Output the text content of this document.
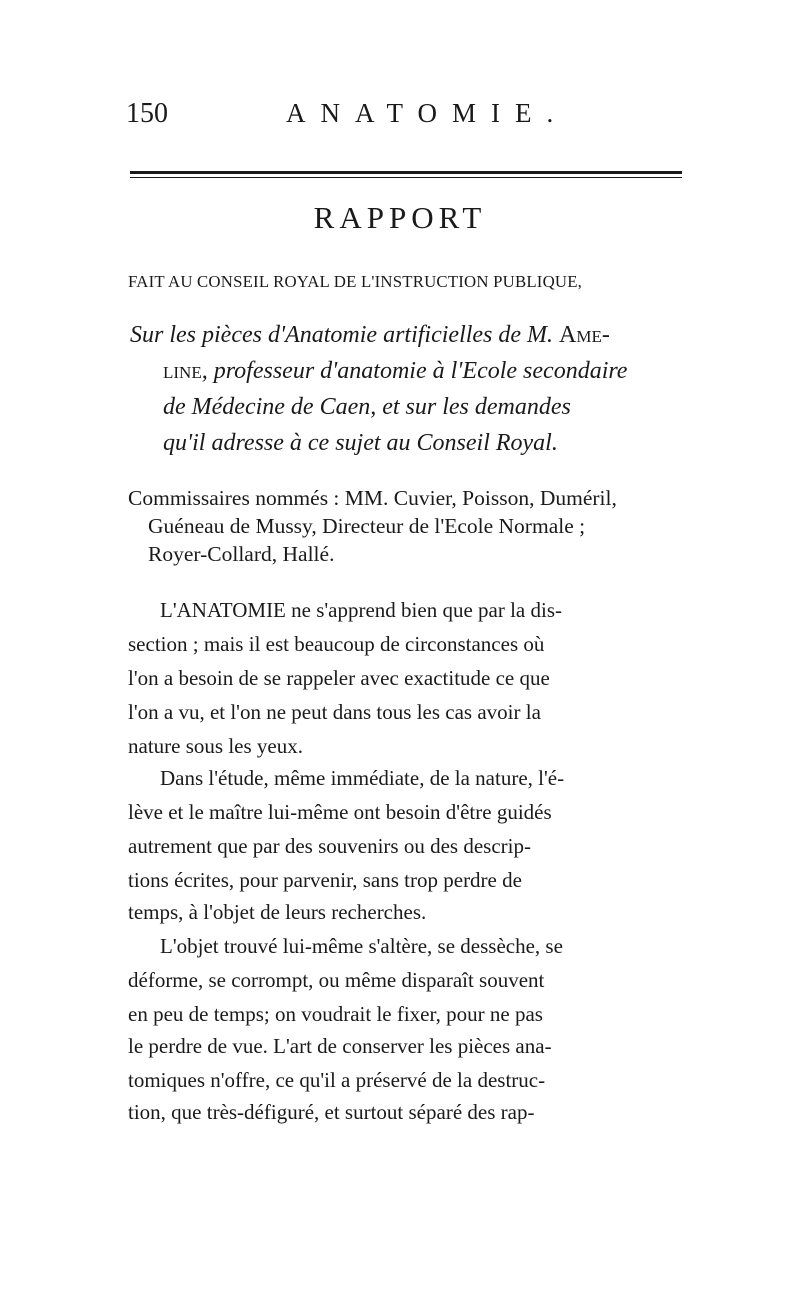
150	ANATOMIE.
RAPPORT
FAIT AU CONSEIL ROYAL DE L'INSTRUCTION PUBLIQUE,
Sur les pièces d'Anatomie artificielles de M. Ame-
line, professeur d'anatomie à l'Ecole secondaire
de Médecine de Caen, et sur les demandes
qu'il adresse à ce sujet au Conseil Royal.
Commissaires nommés : MM. Cuvier, Poisson, Duméril,
Guéneau de Mussy, Directeur de l'Ecole Normale ;
Royer-Collard, Hallé.
L'ANATOMIE ne s'apprend bien que par la dis-
section ; mais il est beaucoup de circonstances où
l'on a besoin de se rappeler avec exactitude ce que
l'on a vu, et l'on ne peut dans tous les cas avoir la
nature sous les yeux.
Dans l'étude, même immédiate, de la nature, l'é-
lève et le maître lui-même ont besoin d'être guidés
autrement que par des souvenirs ou des descrip-
tions écrites, pour parvenir, sans trop perdre de
temps, à l'objet de leurs recherches.
L'objet trouvé lui-même s'altère, se dessèche, se
déforme, se corrompt, ou même disparaît souvent
en peu de temps; on voudrait le fixer, pour ne pas
le perdre de vue. L'art de conserver les pièces ana-
tomiques n'offre, ce qu'il a préservé de la destruc-
tion, que très-défiguré, et surtout séparé des rap-
